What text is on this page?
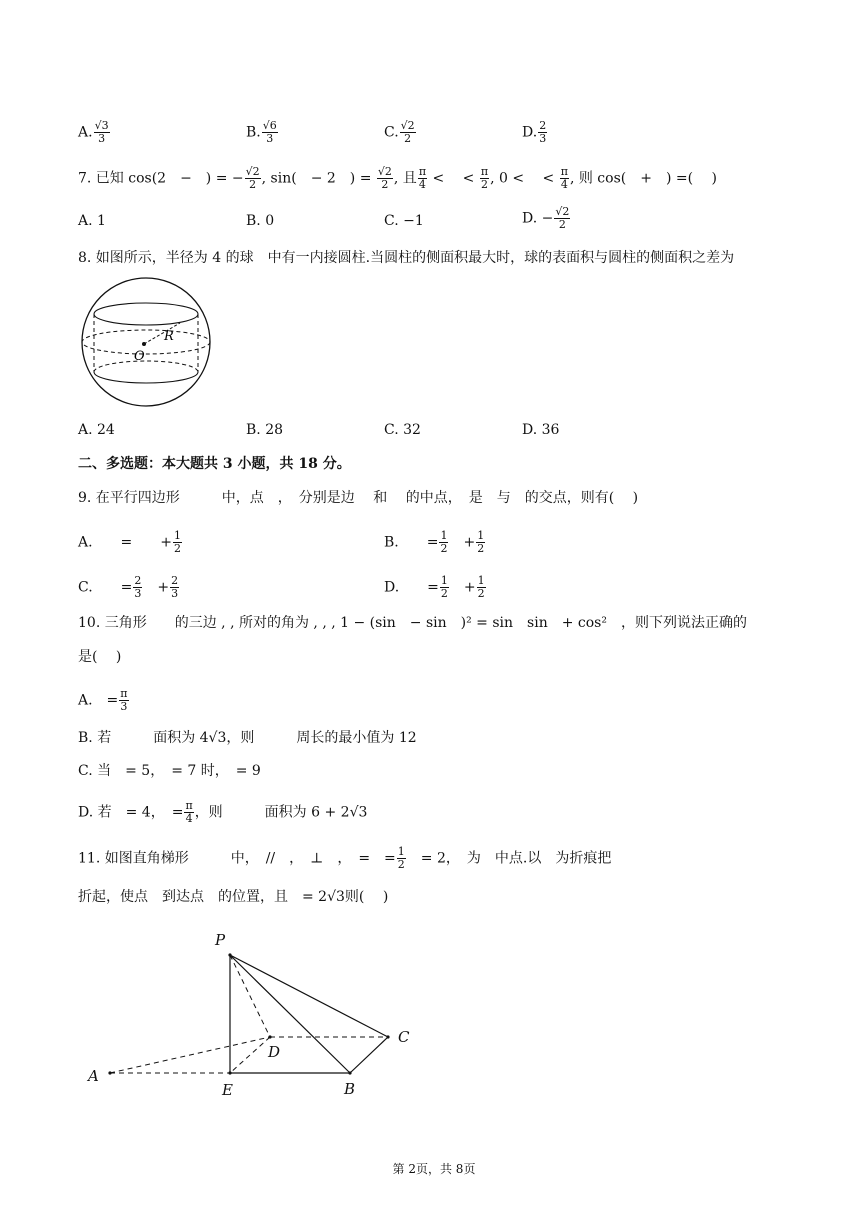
A. $\frac{√3}{3}$	B. $\frac{√6}{3}$	C. $\frac{√2}{2}$	D. $\frac{2}{3}$
7. 已知 cos(2　−　) = − $\frac{√2}{2}$ , sin(　− 2　) = $\frac{√2}{2}$ , 且 $\frac{\pi}{4}$ <　 < $\frac{\pi}{2}$ , 0 <　 < $\frac{\pi}{4}$ , 则 cos(　+　) =(　 )
A. 1	B. 0	C. −1	D. − $\frac{√2}{2}$
8. 如图所示，半径为 4 的球　中有一内接圆柱.当圆柱的侧面积最大时，球的表面积与圆柱的侧面积之差为
R
O
A. 24	B. 28	C. 32	D. 36
二、多选题：本大题共 3 小题，共 18 分。
9. 在平行四边形　　　中，点　，　分别是边　 和　 的中点，　是　与　的交点，则有(　 )
A.　　=　　+ $\frac{1}{2}$	B.　　= $\frac{1}{2}$ 　+ $\frac{1}{2}$
C.　　= $\frac{2}{3}$ 　+ $\frac{2}{3}$	D.　　= $\frac{1}{2}$ 　+ $\frac{1}{2}$
10. 三角形　　的三边 , , 所对的角为 , , , 1 − (sin　− sin　)² = sin　sin　+ cos²　，则下列说法正确的
是(　 )
A.　= $\frac{\pi}{3}$
B. 若　　　面积为 4√3，则　　　周长的最小值为 12
C. 当　= 5，　= 7 时，　= 9
D. 若　= 4，　= $\frac{\pi}{4}$ ，则　　　面积为 6 + 2√3
11. 如图直角梯形　　　中，　//　，　⊥　，　=　= $\frac{1}{2}$ 　= 2，　为　中点.以　为折痕把
折起，使点　到达点　的位置，且　= 2√3则(　 )
P
A
D
C
E	B
第 2页，共 8页
